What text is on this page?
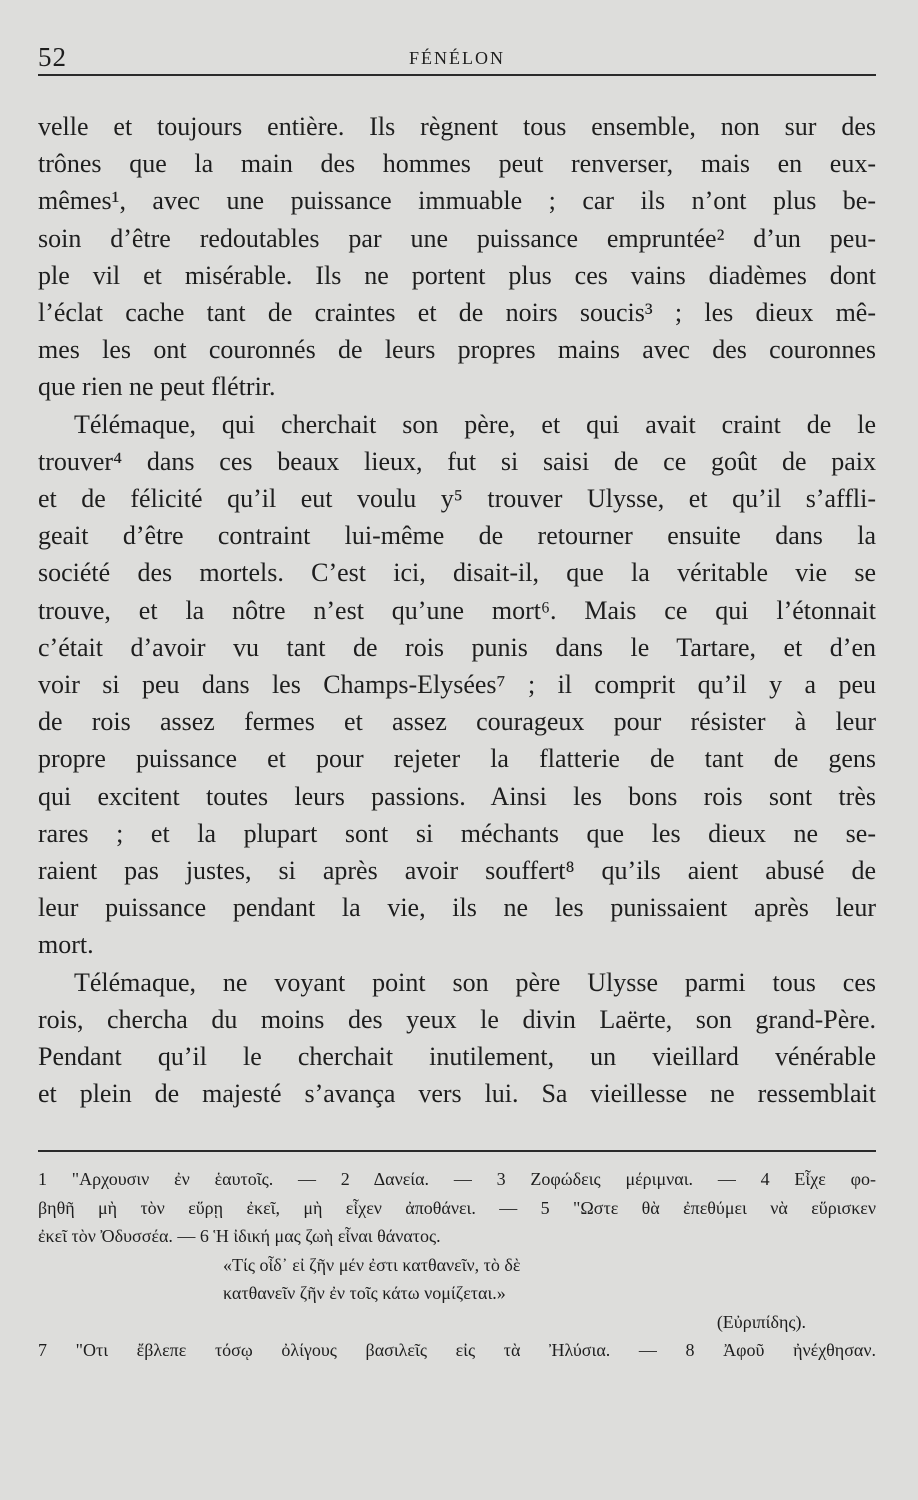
52	FÉNÉLON

velle et toujours entière. Ils règnent tous ensemble, non sur des

trônes que la main des hommes peut renverser, mais en eux-

mêmes¹, avec une puissance immuable ; car ils n’ont plus be-

soin d’être redoutables par une puissance empruntée² d’un peu-

ple vil et misérable. Ils ne portent plus ces vains diadèmes dont

l’éclat cache tant de craintes et de noirs soucis³ ; les dieux mê-

mes les ont couronnés de leurs propres mains avec des couronnes

que rien ne peut flétrir.

Télémaque, qui cherchait son père, et qui avait craint de le

trouver⁴ dans ces beaux lieux, fut si saisi de ce goût de paix

et de félicité qu’il eut voulu y⁵ trouver Ulysse, et qu’il s’affli-

geait d’être contraint lui-même de retourner ensuite dans la

société des mortels. C’est ici, disait-il, que la véritable vie se

trouve, et la nôtre n’est qu’une mort⁶. Mais ce qui l’étonnait

c’était d’avoir vu tant de rois punis dans le Tartare, et d’en

voir si peu dans les Champs-Elysées⁷ ; il comprit qu’il y a peu

de rois assez fermes et assez courageux pour résister à leur

propre puissance et pour rejeter la flatterie de tant de gens

qui excitent toutes leurs passions. Ainsi les bons rois sont très

rares ; et la plupart sont si méchants que les dieux ne se-

raient pas justes, si après avoir souffert⁸ qu’ils aient abusé de

leur puissance pendant la vie, ils ne les punissaient après leur

mort.

Télémaque, ne voyant point son père Ulysse parmi tous ces

rois, chercha du moins des yeux le divin Laërte, son grand-Père.

Pendant qu’il le cherchait inutilement, un vieillard vénérable

et plein de majesté s’avança vers lui. Sa vieillesse ne ressemblait

1 "Αρχουσιν ἐν ἑαυτοῖς. — 2 Δανεία. — 3 Ζοφώδεις μέριμναι. — 4 Εἶχε φο-

βηθῆ μὴ τὸν εὕρῃ ἐκεῖ, μὴ εἶχεν ἀποθάνει. — 5 "Ωστε θὰ ἐπεθύμει νὰ εὕρισκεν

ἐκεῖ τὸν Ὀδυσσέα. — 6 Ἡ ἰδική μας ζωὴ εἶναι θάνατος.

«Τίς οἶδ᾽ εἰ ζῆν μέν ἐστι κατθανεῖν, τὸ δὲ

κατθανεῖν ζῆν ἐν τοῖς κάτω νομίζεται.»

(Εὐριπίδης).

7 "Οτι ἔβλεπε τόσῳ ὀλίγους βασιλεῖς εἰς τὰ Ἠλύσια. — 8 Ἀφοῦ ἠνέχθησαν.
